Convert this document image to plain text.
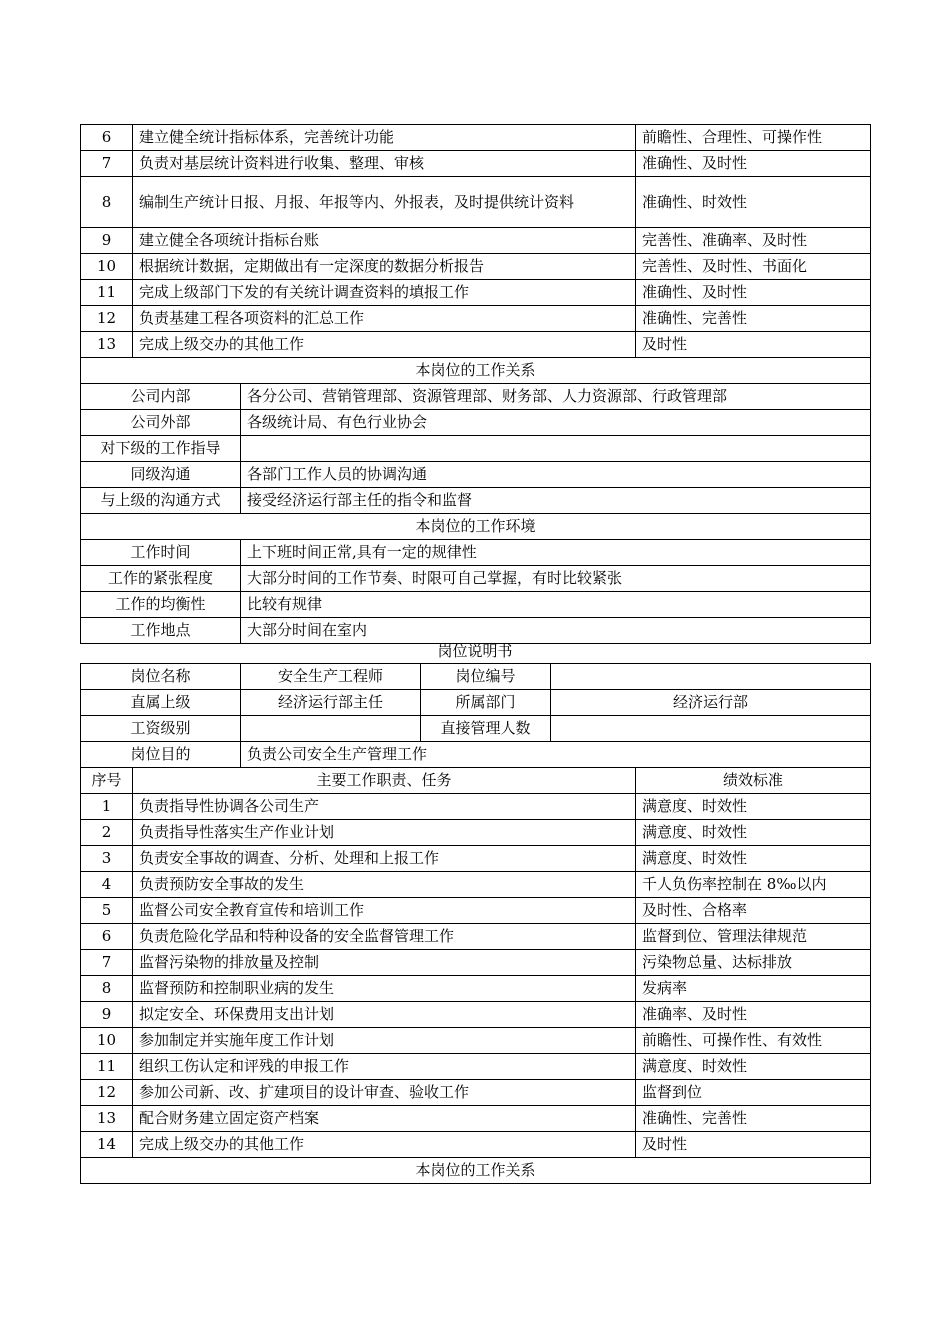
6	建立健全统计指标体系，完善统计功能		前瞻性、合理性、可操作性
7	负责对基层统计资料进行收集、整理、审核		准确性、及时性
8	编制生产统计日报、月报、年报等内、外报表，及时提供统计资料		准确性、时效性
9	建立健全各项统计指标台账		完善性、准确率、及时性
10	根据统计数据，定期做出有一定深度的数据分析报告		完善性、及时性、书面化
11	完成上级部门下发的有关统计调查资料的填报工作		准确性、及时性
12	负责基建工程各项资料的汇总工作		准确性、完善性
13	完成上级交办的其他工作		及时性
本岗位的工作关系			
公司内部		各分公司、营销管理部、资源管理部、财务部、人力资源部、行政管理部	
公司外部		各级统计局、有色行业协会	
对下级的工作指导			
同级沟通		各部门工作人员的协调沟通	
与上级的沟通方式		接受经济运行部主任的指令和监督	
本岗位的工作环境			
工作时间		上下班时间正常,具有一定的规律性	
工作的紧张程度		大部分时间的工作节奏、时限可自己掌握，有时比较紧张	
工作的均衡性		比较有规律	
工作地点		大部分时间在室内	
岗位说明书
岗位名称		安全生产工程师	岗位编号		
直属上级		经济运行部主任	所属部门	经济运行部	
工资级别			直接管理人数		
岗位目的		负责公司安全生产管理工作			
序号	主要工作职责、任务				绩效标准
1	负责指导性协调各公司生产				满意度、时效性
2	负责指导性落实生产作业计划				满意度、时效性
3	负责安全事故的调查、分析、处理和上报工作				满意度、时效性
4	负责预防安全事故的发生				千人负伤率控制在 8‰以内
5	监督公司安全教育宣传和培训工作				及时性、合格率
6	负责危险化学品和特种设备的安全监督管理工作				监督到位、管理法律规范
7	监督污染物的排放量及控制				污染物总量、达标排放
8	监督预防和控制职业病的发生				发病率
9	拟定安全、环保费用支出计划				准确率、及时性
10	参加制定并实施年度工作计划				前瞻性、可操作性、有效性
11	组织工伤认定和评残的申报工作				满意度、时效性
12	参加公司新、改、扩建项目的设计审查、验收工作				监督到位
13	配合财务建立固定资产档案				准确性、完善性
14	完成上级交办的其他工作				及时性
本岗位的工作关系					
